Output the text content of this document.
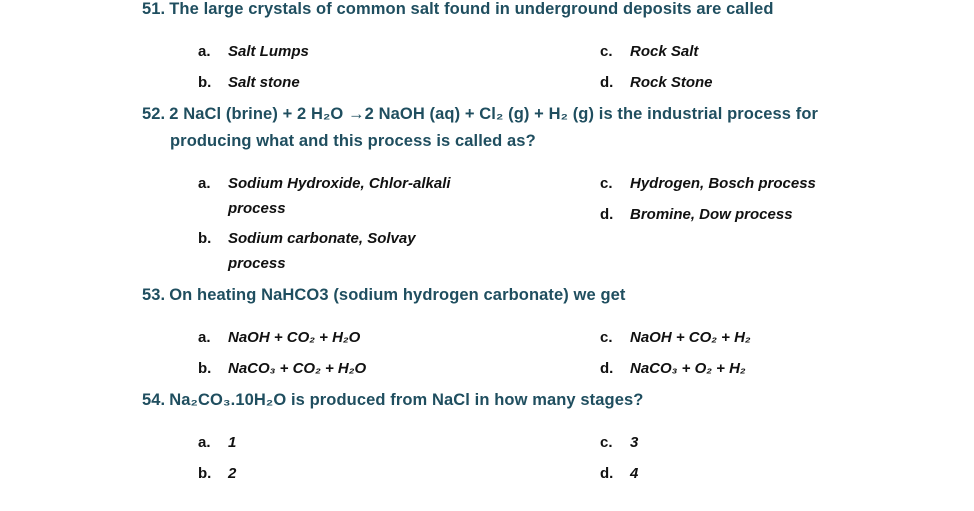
51. The large crystals of common salt found in underground deposits are called
a. Salt Lumps
b. Salt stone
c. Rock Salt
d. Rock Stone
52. 2 NaCl (brine) + 2 H₂O →2 NaOH (aq) + Cl₂ (g) + H₂ (g) is the industrial process for
producing what and this process is called as?
a. Sodium Hydroxide, Chlor-alkali
process
b. Sodium carbonate, Solvay
process
c. Hydrogen, Bosch process
d. Bromine, Dow process
53. On heating NaHCO3 (sodium hydrogen carbonate) we get
a. NaOH + CO₂ + H₂O
b. NaCO₃ + CO₂ + H₂O
c. NaOH + CO₂ + H₂
d. NaCO₃ + O₂ + H₂
54. Na₂CO₃.10H₂O is produced from NaCl in how many stages?
a. 1
b. 2
c. 3
d. 4
